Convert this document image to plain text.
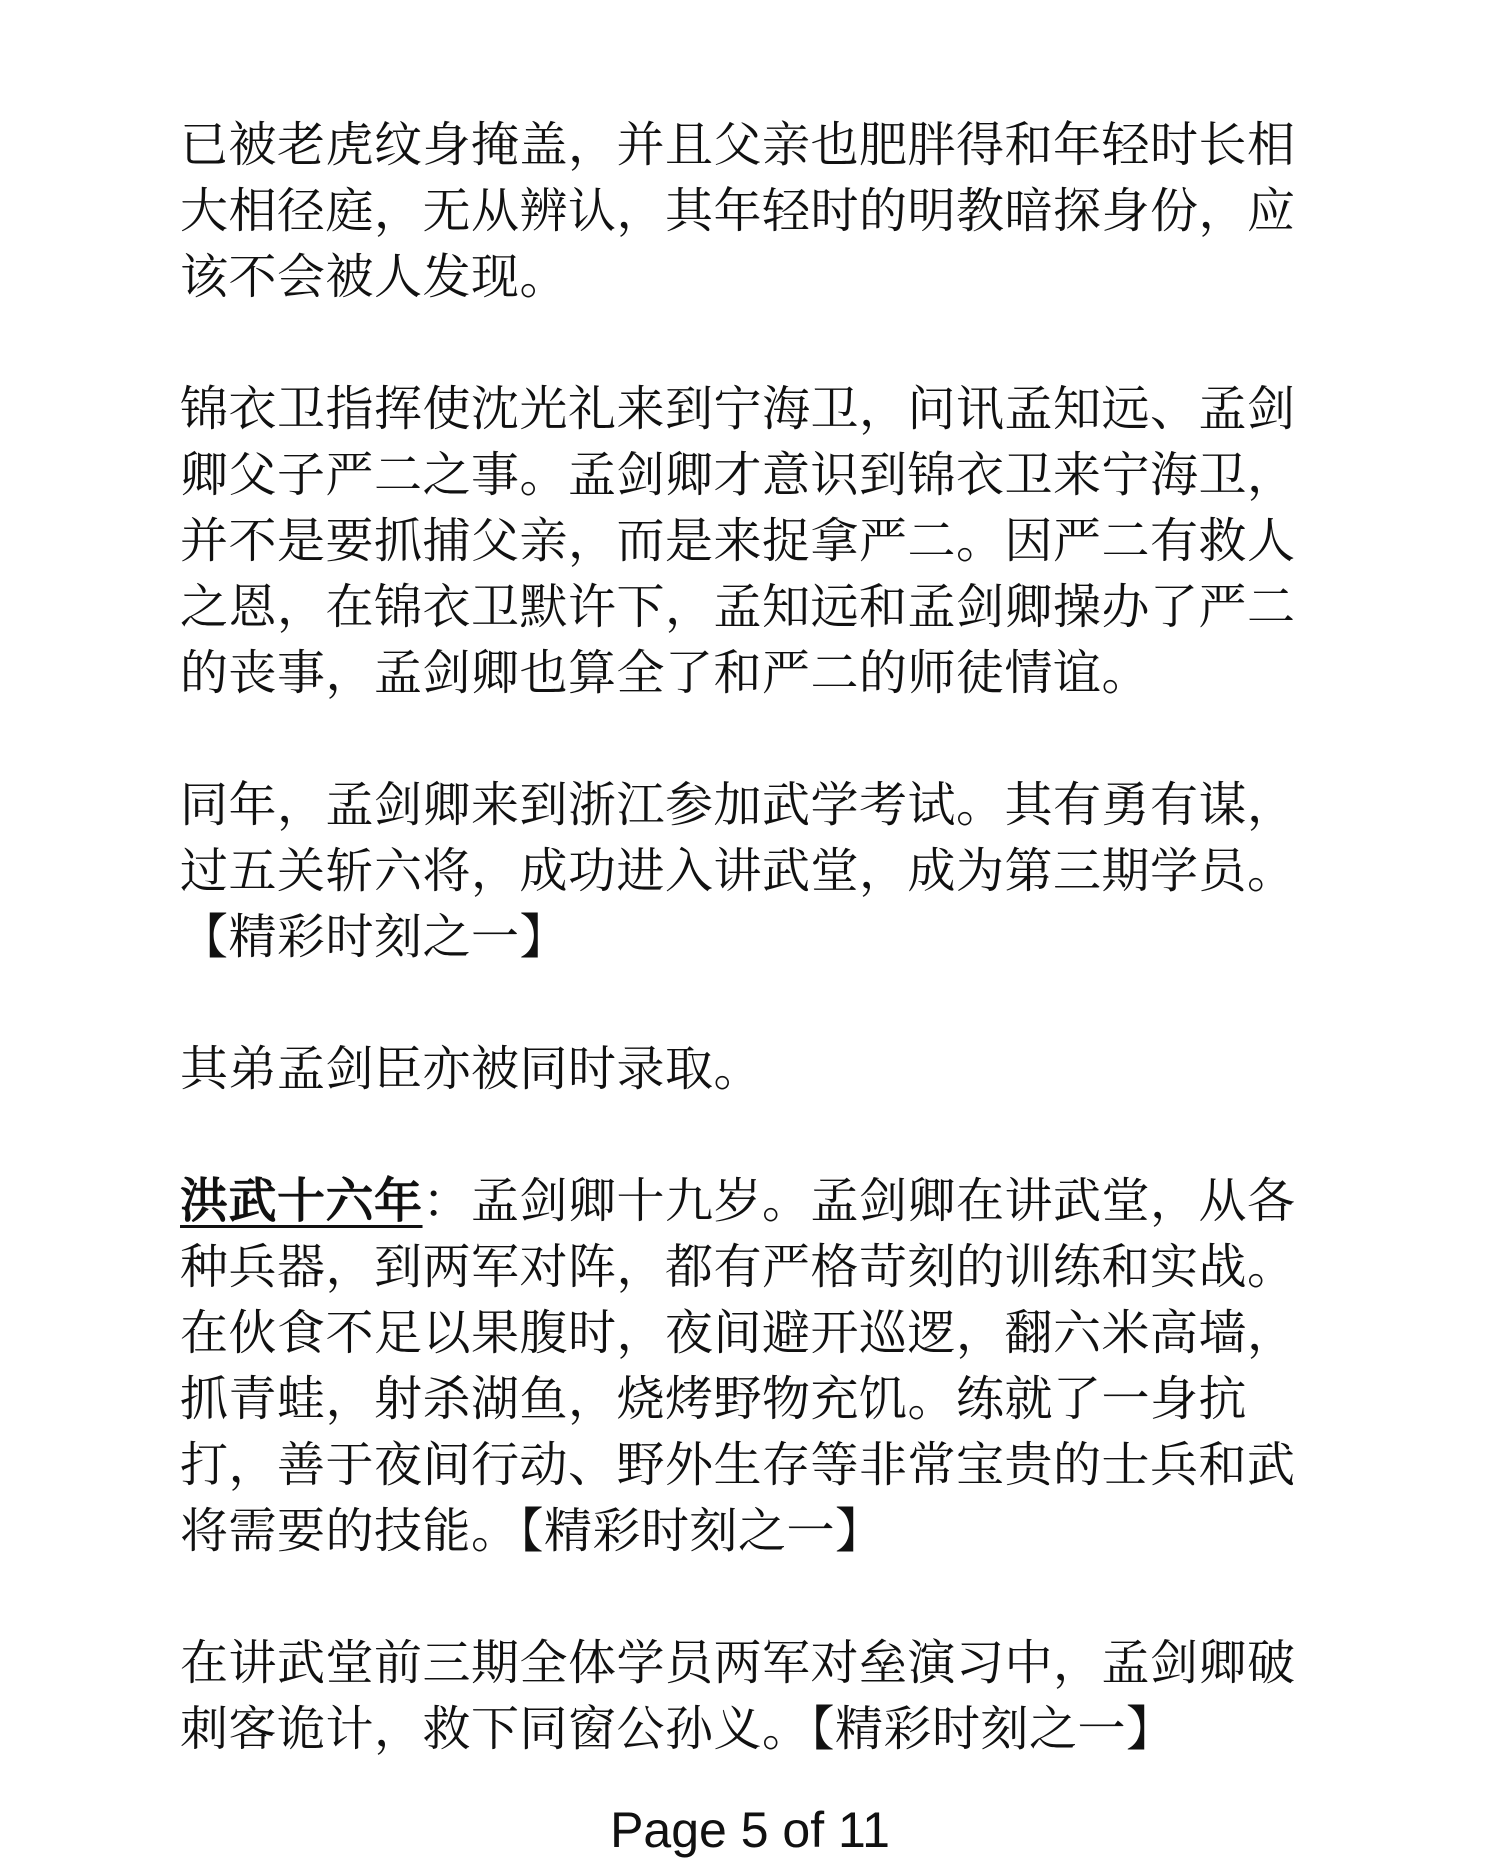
已被老虎纹身掩盖，并且父亲也肥胖得和年轻时长相
大相径庭，无从辨认，其年轻时的明教暗探身份，应
该不会被人发现。

锦衣卫指挥使沈光礼来到宁海卫，问讯孟知远、孟剑
卿父子严二之事。孟剑卿才意识到锦衣卫来宁海卫，
并不是要抓捕父亲，而是来捉拿严二。因严二有救人
之恩，在锦衣卫默许下，孟知远和孟剑卿操办了严二
的丧事，孟剑卿也算全了和严二的师徒情谊。

同年，孟剑卿来到浙江参加武学考试。其有勇有谋，
过五关斩六将，成功进入讲武堂，成为第三期学员。
【精彩时刻之一】

其弟孟剑臣亦被同时录取。

洪武十六年：孟剑卿十九岁。孟剑卿在讲武堂，从各
种兵器，到两军对阵，都有严格苛刻的训练和实战。
在伙食不足以果腹时，夜间避开巡逻，翻六米高墙，
抓青蛙，射杀湖鱼，烧烤野物充饥。练就了一身抗
打，善于夜间行动、野外生存等非常宝贵的士兵和武
将需要的技能。【精彩时刻之一】

在讲武堂前三期全体学员两军对垒演习中，孟剑卿破
刺客诡计，救下同窗公孙义。【精彩时刻之一】

Page 5 of 11
